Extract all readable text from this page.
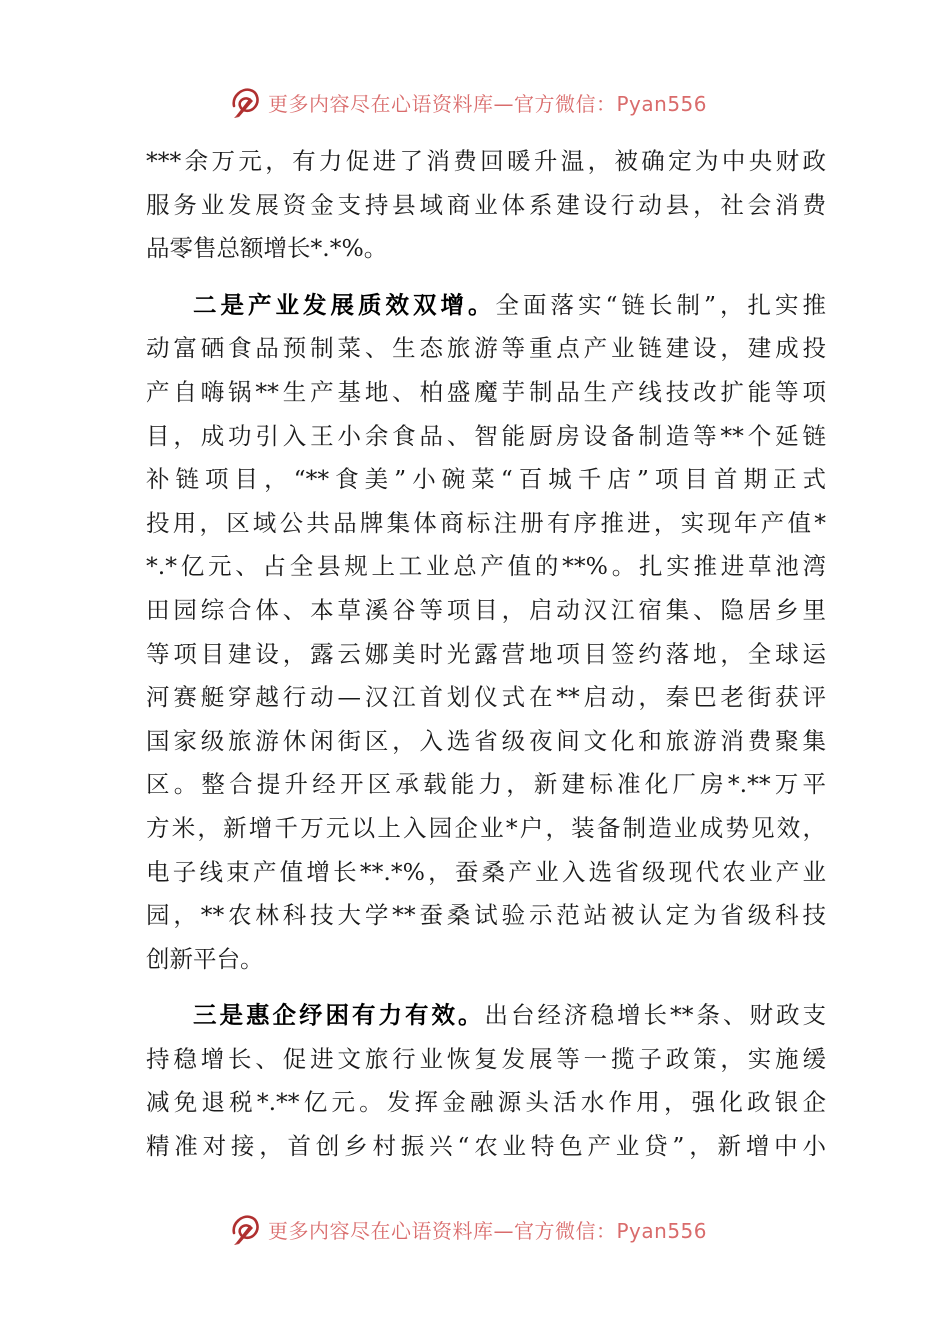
更多内容尽在心语资料库—官方微信：Pyan556
***余万元，有力促进了消费回暖升温，被确定为中央财政
服务业发展资金支持县域商业体系建设行动县，社会消费
品零售总额增长*.*%。
二是产业发展质效双增。全面落实“链长制”，扎实推
动富硒食品预制菜、生态旅游等重点产业链建设，建成投
产自嗨锅**生产基地、柏盛魔芋制品生产线技改扩能等项
目，成功引入王小余食品、智能厨房设备制造等**个延链
补链项目，“**食美”小碗菜“百城千店”项目首期正式
投用，区域公共品牌集体商标注册有序推进，实现年产值*
*.*亿元、占全县规上工业总产值的**%。扎实推进草池湾
田园综合体、本草溪谷等项目，启动汉江宿集、隐居乡里
等项目建设，露云娜美时光露营地项目签约落地，全球运
河赛艇穿越行动—汉江首划仪式在**启动，秦巴老街获评
国家级旅游休闲街区，入选省级夜间文化和旅游消费聚集
区。整合提升经开区承载能力，新建标准化厂房*.**万平
方米，新增千万元以上入园企业*户，装备制造业成势见效，
电子线束产值增长**.*%，蚕桑产业入选省级现代农业产业
园，**农林科技大学**蚕桑试验示范站被认定为省级科技
创新平台。
三是惠企纾困有力有效。出台经济稳增长**条、财政支
持稳增长、促进文旅行业恢复发展等一揽子政策，实施缓
减免退税*.**亿元。发挥金融源头活水作用，强化政银企
精准对接，首创乡村振兴“农业特色产业贷”，新增中小
更多内容尽在心语资料库—官方微信：Pyan556
